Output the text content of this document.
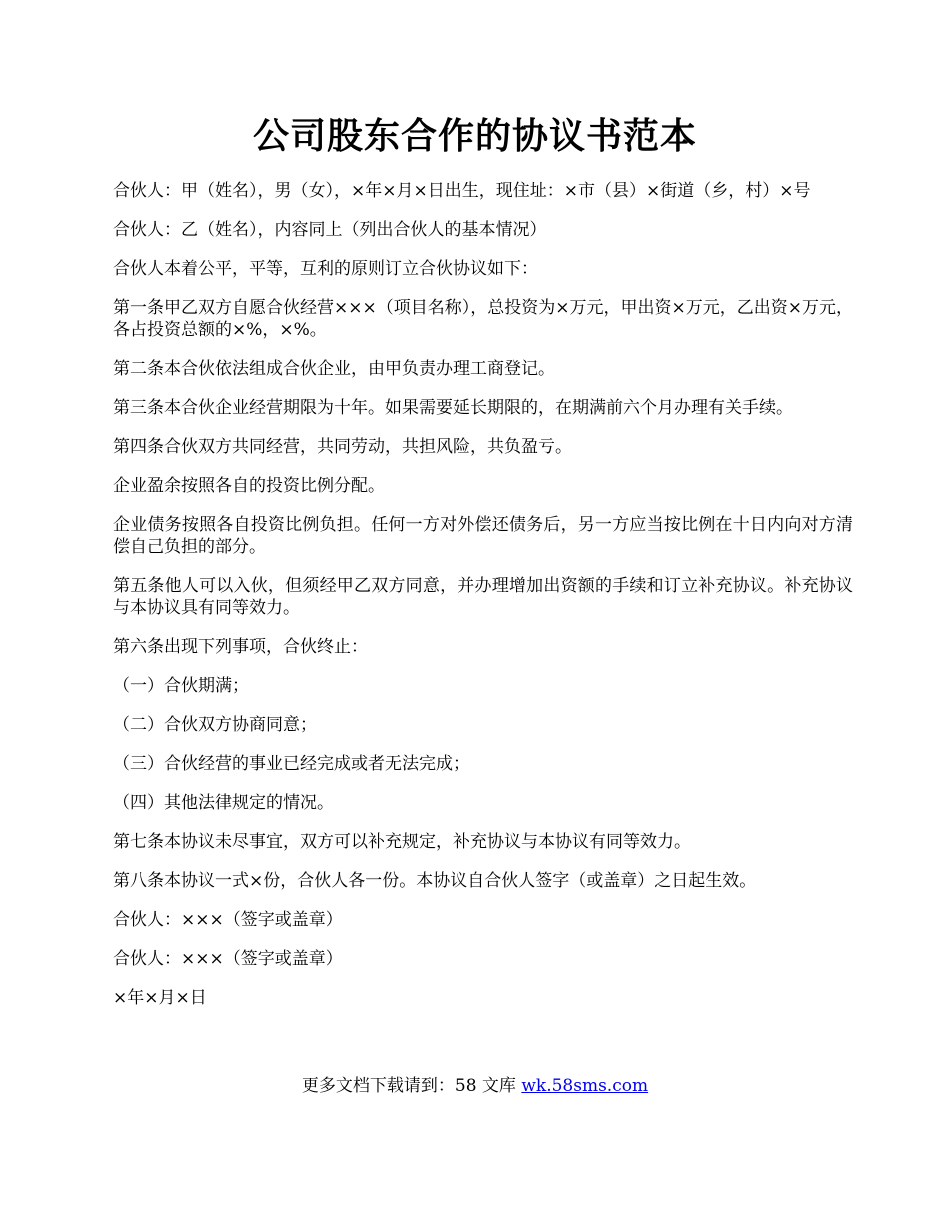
公司股东合作的协议书范本

合伙人：甲（姓名），男（女），×年×月×日出生，现住址：×市（县）×街道（乡，村）×号

合伙人：乙（姓名），内容同上（列出合伙人的基本情况）

合伙人本着公平，平等，互利的原则订立合伙协议如下：

第一条甲乙双方自愿合伙经营×××（项目名称），总投资为×万元，甲出资×万元，乙出资×万元，各占投资总额的×%，×%。

第二条本合伙依法组成合伙企业，由甲负责办理工商登记。

第三条本合伙企业经营期限为十年。如果需要延长期限的，在期满前六个月办理有关手续。

第四条合伙双方共同经营，共同劳动，共担风险，共负盈亏。

企业盈余按照各自的投资比例分配。

企业债务按照各自投资比例负担。任何一方对外偿还债务后，另一方应当按比例在十日内向对方清偿自己负担的部分。

第五条他人可以入伙，但须经甲乙双方同意，并办理增加出资额的手续和订立补充协议。补充协议与本协议具有同等效力。

第六条出现下列事项，合伙终止：

（一）合伙期满；

（二）合伙双方协商同意；

（三）合伙经营的事业已经完成或者无法完成；

（四）其他法律规定的情况。

第七条本协议未尽事宜，双方可以补充规定，补充协议与本协议有同等效力。

第八条本协议一式×份，合伙人各一份。本协议自合伙人签字（或盖章）之日起生效。

合伙人：×××（签字或盖章）

合伙人：×××（签字或盖章）

×年×月×日

更多文档下载请到：58 文库 wk.58sms.com
